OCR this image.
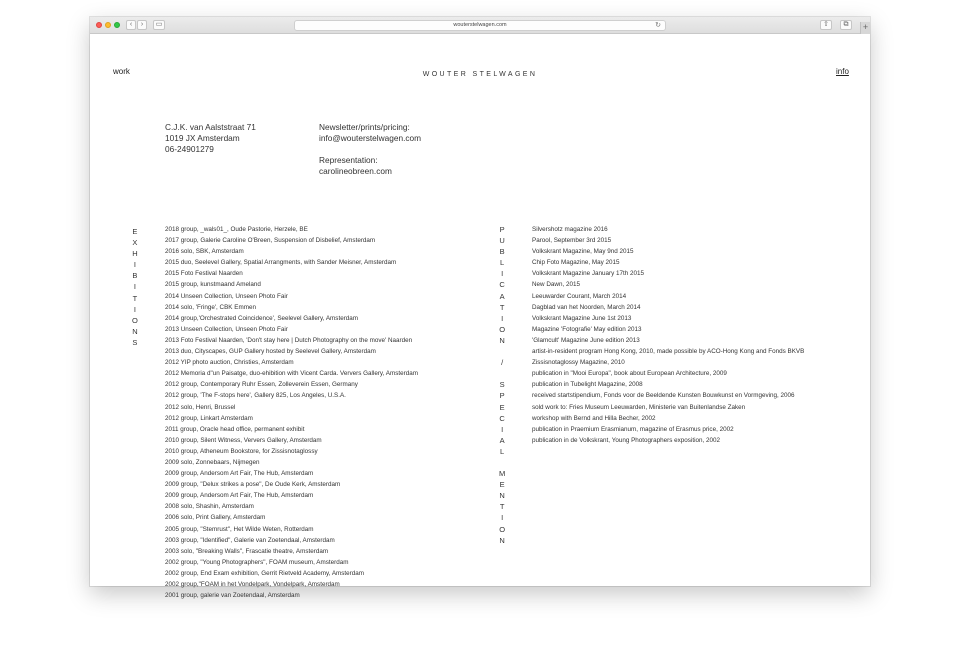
‹	›	▭	wouterstelwagen.com	↻	⇧	⧉	+
work	WOUTER STELWAGEN	info
C.J.K. van Aalststraat 71
1019 JX Amsterdam
06-24901279
Newsletter/prints/pricing:
info@wouterstelwagen.com
Representation:
carolineobreen.com
E
X
H
I
B
I
T
I
O
N
S
2018 group, _wals01_, Oude Pastorie, Herzele, BE
2017 group, Galerie Caroline O'Breen, Suspension of Disbelief, Amsterdam
2016 solo, SBK, Amsterdam
2015 duo, Seelevel Gallery, Spatial Arrangments, with Sander Meisner, Amsterdam
2015 Foto Festival Naarden
2015 group, kunstmaand Ameland
2014 Unseen Collection, Unseen Photo Fair
2014 solo, 'Fringe', CBK Emmen
2014 group,'Orchestrated Coincidence', Seelevel Gallery, Amsterdam
2013 Unseen Collection, Unseen Photo Fair
2013 Foto Festival Naarden, 'Don't stay here | Dutch Photography on the move' Naarden
2013 duo, Cityscapes, GUP Gallery hosted by Seelevel Gallery, Amsterdam
2012 YIP photo auction, Christies, Amsterdam
2012 Memoria d"un Paisatge, duo-ehibition with Vicent Carda. Ververs Gallery, Amsterdam
2012 group, Contemporary Ruhr Essen, Zolleverein Essen, Germany
2012 group, 'The F-stops here', Gallery 825, Los Angeles, U.S.A.
2012 solo, Henri, Brussel
2012 group, Linkart Amsterdam
2011 group, Oracle head office, permanent exhibit
2010 group, Silent Witness, Ververs Gallery, Amsterdam
2010 group, Atheneum Bookstore, for Zissisnotaglossy
2009 solo, Zonnebaars, Nijmegen
2009 group, Andersom Art Fair, The Hub, Amsterdam
2009 group, "Delux strikes a pose", De Oude Kerk, Amsterdam
2009 group, Andersom Art Fair, The Hub, Amsterdam
2008 solo, Shashin, Amsterdam
2006 solo, Print Gallery, Amsterdam
2005 group, "Stemrust", Het Wilde Weten, Rotterdam
2003 group, "Identified", Galerie van Zoetendaal, Amsterdam
2003 solo, "Breaking Walls", Frascatie theatre, Amsterdam
2002 group, "Young Photographers", FOAM museum, Amsterdam
2002 group, End Exam exhibition, Gerrit Rietveld Academy, Amsterdam
2002 group,"FOAM in het Vondelpark, Vondelpark, Amsterdam
2001 group, galerie van Zoetendaal, Amsterdam
P
U
B
L
I
C
A
T
I
O
N
/
S
P
E
C
I
A
L
M
E
N
T
I
O
N
Silvershotz magazine 2016
Parool, September 3rd 2015
Volkskrant Magazine, May 9nd 2015
Chip Foto Magazine, May 2015
Volkskrant Magazine January 17th 2015
New Dawn, 2015
Leeuwarder Courant, March 2014
Dagblad van het Noorden, March 2014
Volkskrant Magazine June 1st 2013
Magazine 'Fotografie' May edition 2013
'Glamcult' Magazine June edition 2013
artist-in-resident program Hong Kong, 2010, made possible by ACO-Hong Kong and Fonds BKVB
Zissisnotaglossy Magazine, 2010
publication in "Mooi Europa", book about European Architecture, 2009
publication in Tubelight Magazine, 2008
received startstipendium, Fonds voor de Beeldende Kunsten Bouwkunst en Vormgeving, 2006
sold work to: Fries Museum Leeuwarden, Ministerie van Buitenlandse Zaken
workshop with Bernd and Hilla Becher, 2002
publication in Praemium Erasmianum, magazine of Erasmus price, 2002
publication in de Volkskrant, Young Photographers exposition, 2002
